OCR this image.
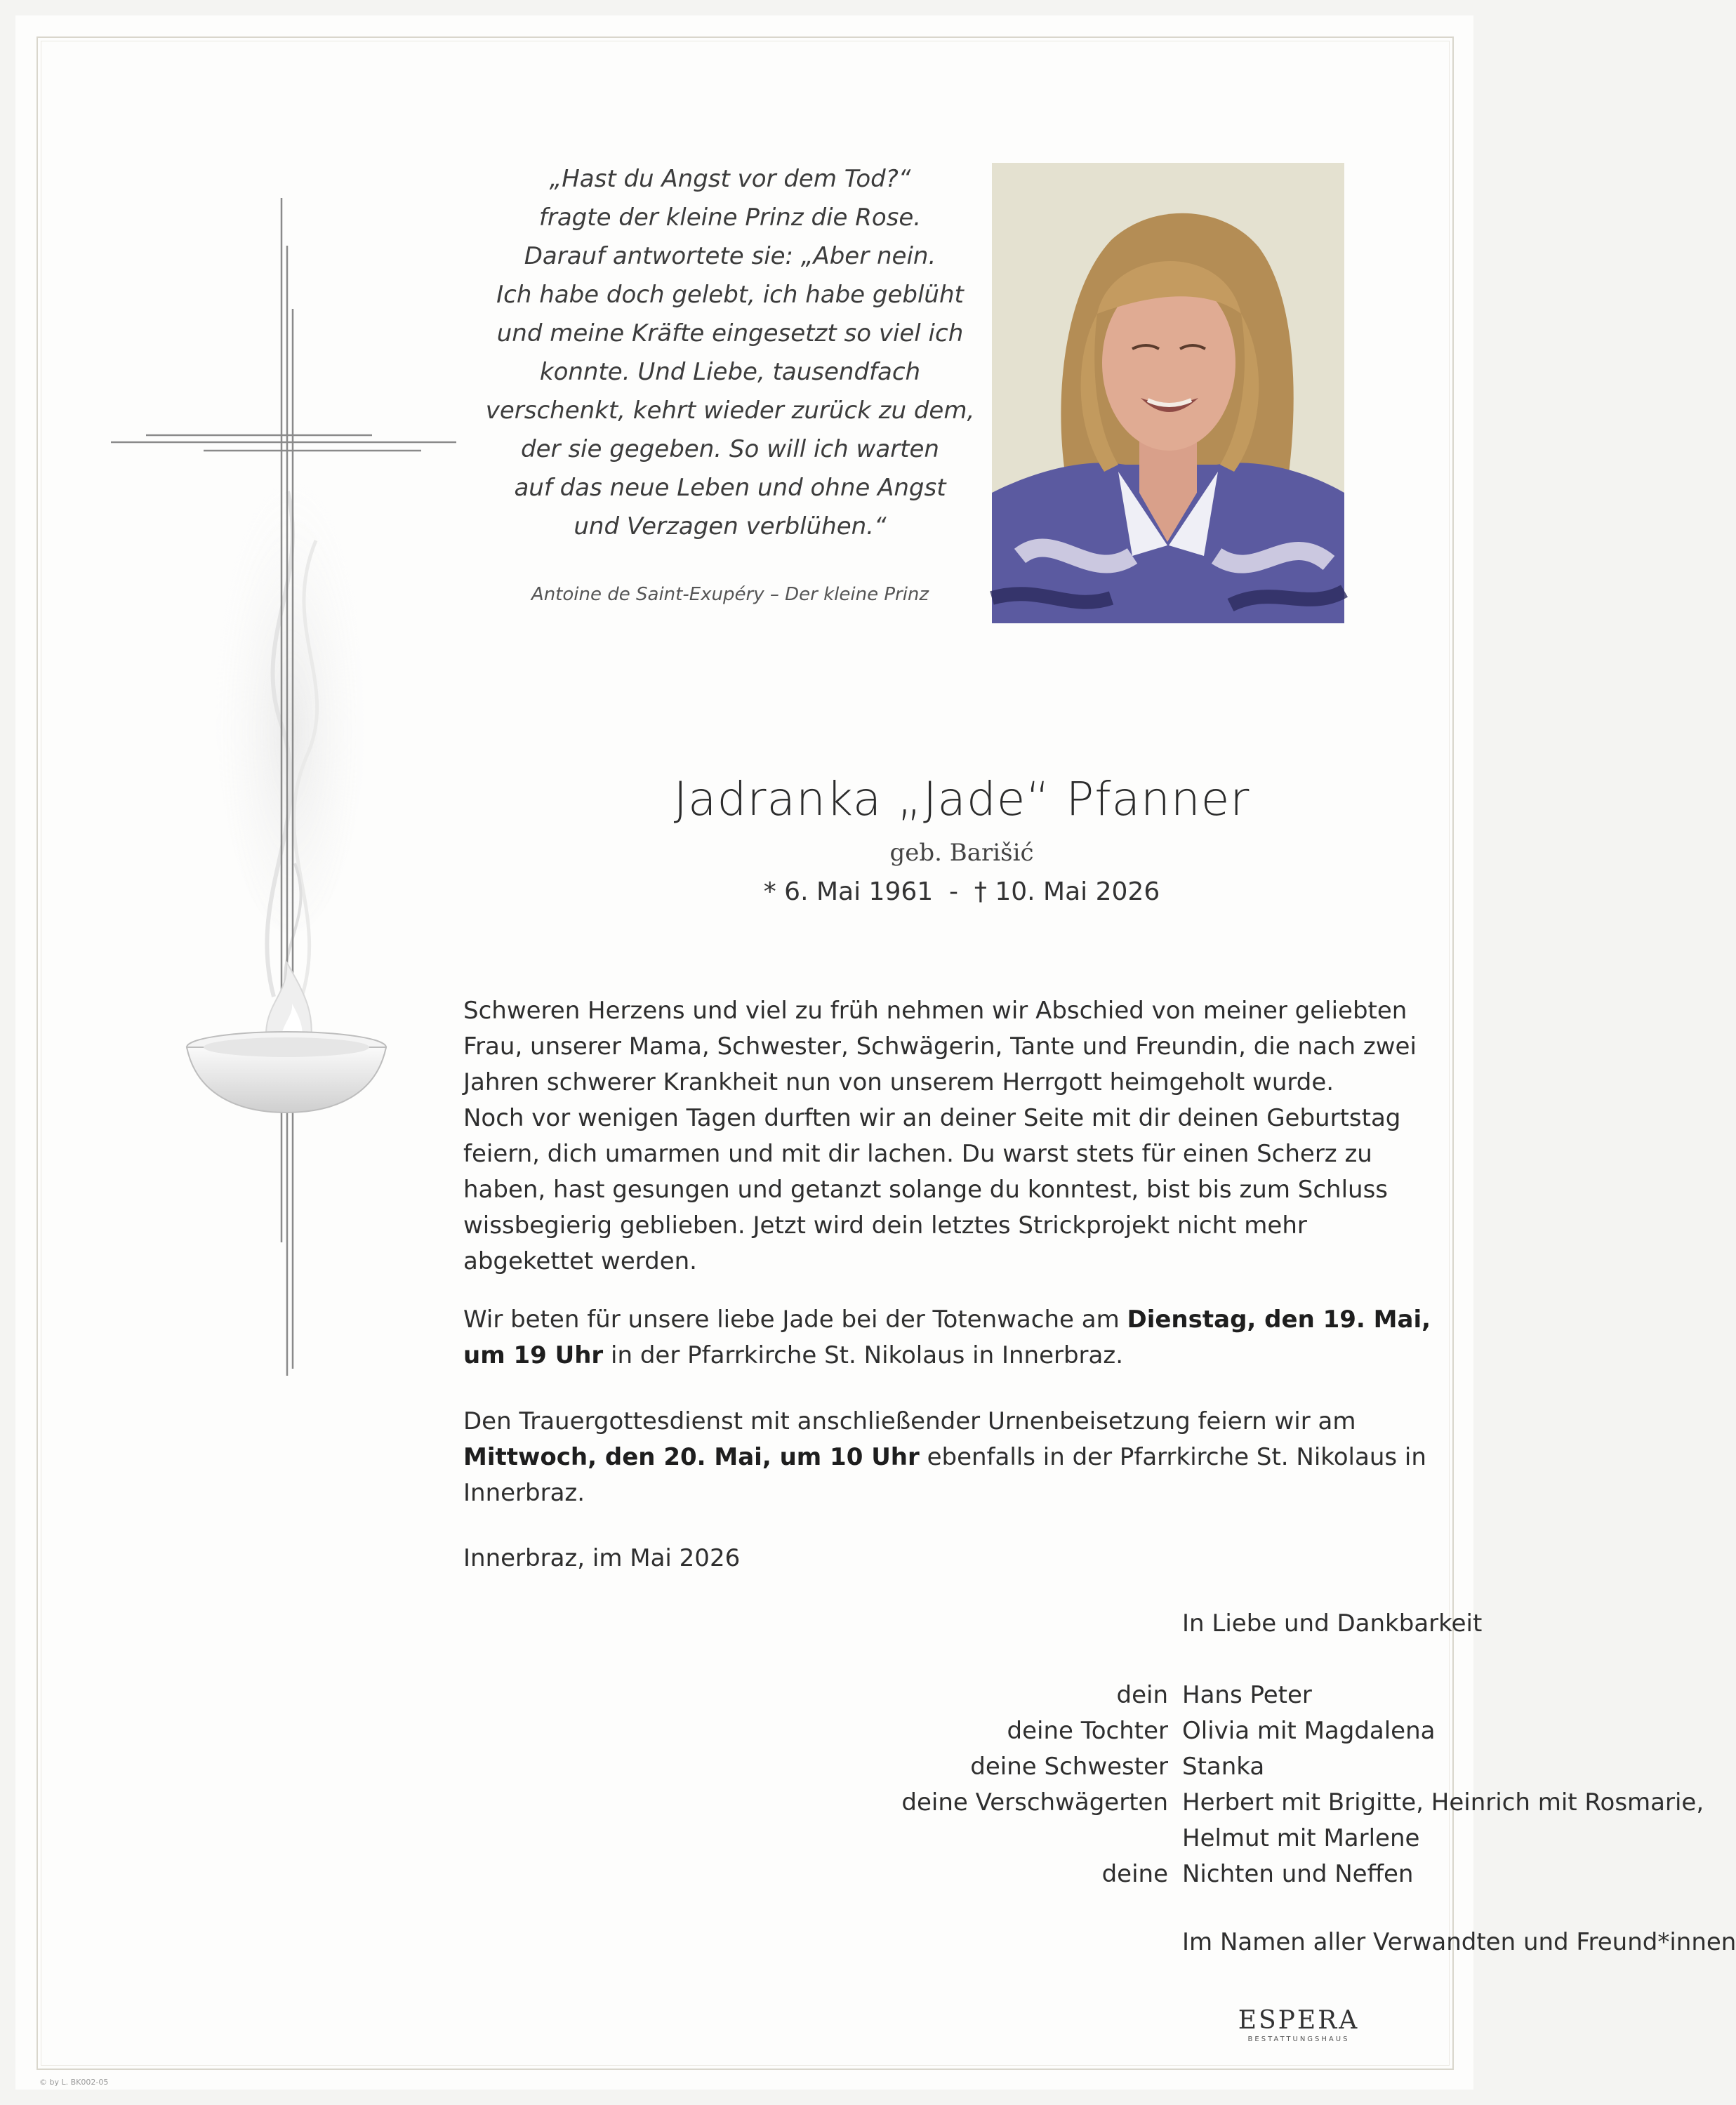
„Hast du Angst vor dem Tod?“
fragte der kleine Prinz die Rose.
Darauf antwortete sie: „Aber nein.
Ich habe doch gelebt, ich habe geblüht
und meine Kräfte eingesetzt so viel ich
konnte. Und Liebe, tausendfach
verschenkt, kehrt wieder zurück zu dem,
der sie gegeben. So will ich warten
auf das neue Leben und ohne Angst
und Verzagen verblühen.“
Antoine de Saint-Exupéry – Der kleine Prinz
Jadranka „Jade“ Pfanner
geb. Barišić
* 6. Mai 1961  -  † 10. Mai 2026
Schweren Herzens und viel zu früh nehmen wir Abschied von meiner geliebten
Frau, unserer Mama, Schwester, Schwägerin, Tante und Freundin, die nach zwei
Jahren schwerer Krankheit nun von unserem Herrgott heimgeholt wurde.
Noch vor wenigen Tagen durften wir an deiner Seite mit dir deinen Geburtstag
feiern, dich umarmen und mit dir lachen. Du warst stets für einen Scherz zu
haben, hast gesungen und getanzt solange du konntest, bist bis zum Schluss
wissbegierig geblieben. Jetzt wird dein letztes Strickprojekt nicht mehr
abgekettet werden.
Wir beten für unsere liebe Jade bei der Totenwache am Dienstag, den 19. Mai,
um 19 Uhr in der Pfarrkirche St. Nikolaus in Innerbraz.
Den Trauergottesdienst mit anschließender Urnenbeisetzung feiern wir am
Mittwoch, den 20. Mai, um 10 Uhr ebenfalls in der Pfarrkirche St. Nikolaus in
Innerbraz.
Innerbraz, im Mai 2026
In Liebe und Dankbarkeit
dein Hans Peter
deine Tochter Olivia mit Magdalena
deine Schwester Stanka
deine Verschwägerten Herbert mit Brigitte, Heinrich mit Rosmarie,
Helmut mit Marlene
deine Nichten und Neffen
Im Namen aller Verwandten und Freund*innen
ESPERA
BESTATTUNGSHAUS
© by L. BK002-05
